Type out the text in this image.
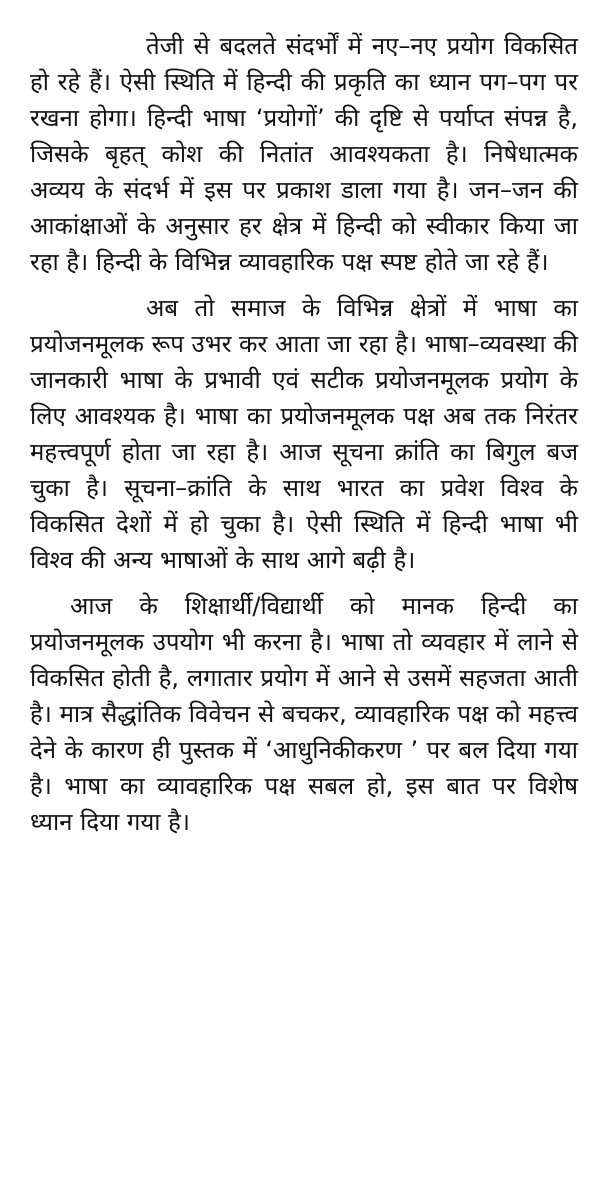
तेजी से बदलते संदर्भों में नए–नए प्रयोग विकसित हो रहे हैं। ऐसी स्थिति में हिन्दी की प्रकृति का ध्यान पग–पग पर रखना होगा। हिन्दी भाषा ‘प्रयोगों’ की दृष्टि से पर्याप्त संपन्न है, जिसके बृहत् कोश की नितांत आवश्यकता है। निषेधात्मक अव्यय के संदर्भ में इस पर प्रकाश डाला गया है। जन–जन की आकांक्षाओं के अनुसार हर क्षेत्र में हिन्दी को स्वीकार किया जा रहा है। हिन्दी के विभिन्न व्यावहारिक पक्ष स्पष्ट होते जा रहे हैं।

अब तो समाज के विभिन्न क्षेत्रों में भाषा का प्रयोजनमूलक रूप उभर कर आता जा रहा है। भाषा–व्यवस्था की जानकारी भाषा के प्रभावी एवं सटीक प्रयोजनमूलक प्रयोग के लिए आवश्यक है। भाषा का प्रयोजनमूलक पक्ष अब तक निरंतर महत्त्वपूर्ण होता जा रहा है। आज सूचना क्रांति का बिगुल बज चुका है। सूचना–क्रांति के साथ भारत का प्रवेश विश्व के विकसित देशों में हो चुका है। ऐसी स्थिति में हिन्दी भाषा भी विश्व की अन्य भाषाओं के साथ आगे बढ़ी है।

आज के शिक्षार्थी/विद्यार्थी को मानक हिन्दी का प्रयोजनमूलक उपयोग भी करना है। भाषा तो व्यवहार में लाने से विकसित होती है, लगातार प्रयोग में आने से उसमें सहजता आती है। मात्र सैद्धांतिक विवेचन से बचकर, व्यावहारिक पक्ष को महत्त्व देने के कारण ही पुस्तक में ‘आधुनिकीकरण ’ पर बल दिया गया है। भाषा का व्यावहारिक पक्ष सबल हो, इस बात पर विशेष ध्यान दिया गया है।
